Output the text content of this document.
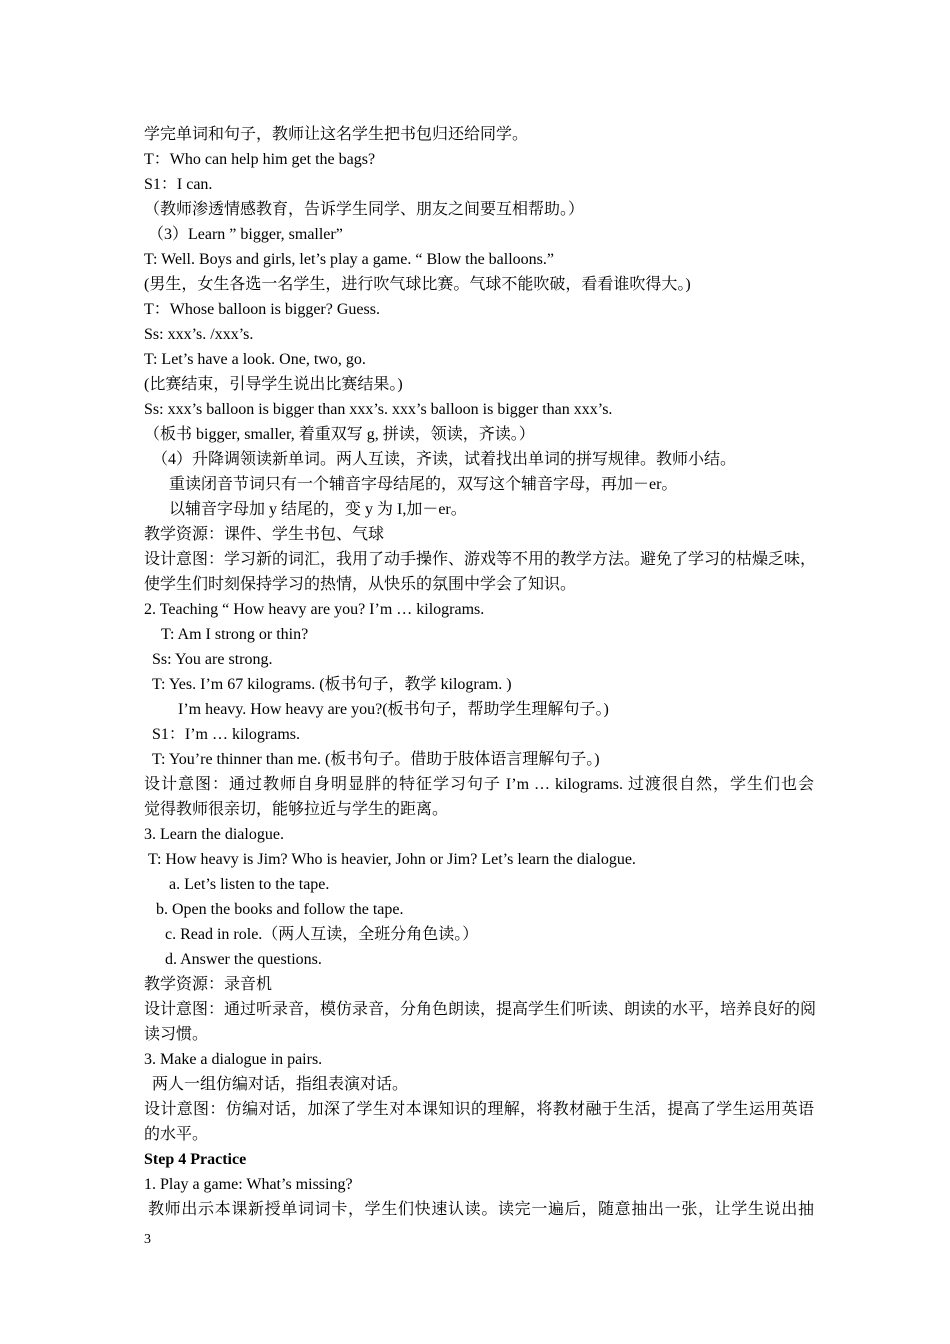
学完单词和句子，教师让这名学生把书包归还给同学。
T：Who can help him get the bags?
S1：I can.
（教师渗透情感教育，告诉学生同学、朋友之间要互相帮助。）
（3）Learn ” bigger, smaller”
T: Well. Boys and girls, let’s play a game. “ Blow the balloons.”
(男生，女生各选一名学生，进行吹气球比赛。气球不能吹破，看看谁吹得大。)
T：Whose balloon is bigger? Guess.
Ss: xxx’s. /xxx’s.
T: Let’s have a look. One, two, go.
(比赛结束，引导学生说出比赛结果。)
Ss: xxx’s balloon is bigger than xxx’s. xxx’s balloon is bigger than xxx’s.
（板书 bigger, smaller, 着重双写 g, 拼读，领读，齐读。）
（4）升降调领读新单词。两人互读，齐读，试着找出单词的拼写规律。教师小结。
重读闭音节词只有一个辅音字母结尾的，双写这个辅音字母，再加－er。
以辅音字母加 y 结尾的，变 y 为 I,加－er。
教学资源：课件、学生书包、气球
设计意图：学习新的词汇，我用了动手操作、游戏等不用的教学方法。避免了学习的枯燥乏味，
使学生们时刻保持学习的热情，从快乐的氛围中学会了知识。
2. Teaching “ How heavy are you? I’m … kilograms.
T: Am I strong or thin?
Ss: You are strong.
T: Yes. I’m 67 kilograms. (板书句子，教学 kilogram. )
I’m heavy. How heavy are you?(板书句子，帮助学生理解句子。)
S1：I’m … kilograms.
T: You’re thinner than me. (板书句子。借助于肢体语言理解句子。)
设计意图：通过教师自身明显胖的特征学习句子 I’m … kilograms. 过渡很自然，学生们也会
觉得教师很亲切，能够拉近与学生的距离。
3. Learn the dialogue.
T: How heavy is Jim? Who is heavier, John or Jim? Let’s learn the dialogue.
a. Let’s listen to the tape.
b. Open the books and follow the tape.
c. Read in role.（两人互读，全班分角色读。）
d. Answer the questions.
教学资源：录音机
设计意图：通过听录音，模仿录音，分角色朗读，提高学生们听读、朗读的水平，培养良好的阅
读习惯。
3. Make a dialogue in pairs.
两人一组仿编对话，指组表演对话。
设计意图：仿编对话，加深了学生对本课知识的理解，将教材融于生活，提高了学生运用英语
的水平。
Step 4 Practice
1. Play a game: What’s missing?
教师出示本课新授单词词卡，学生们快速认读。读完一遍后，随意抽出一张，让学生说出抽
3
